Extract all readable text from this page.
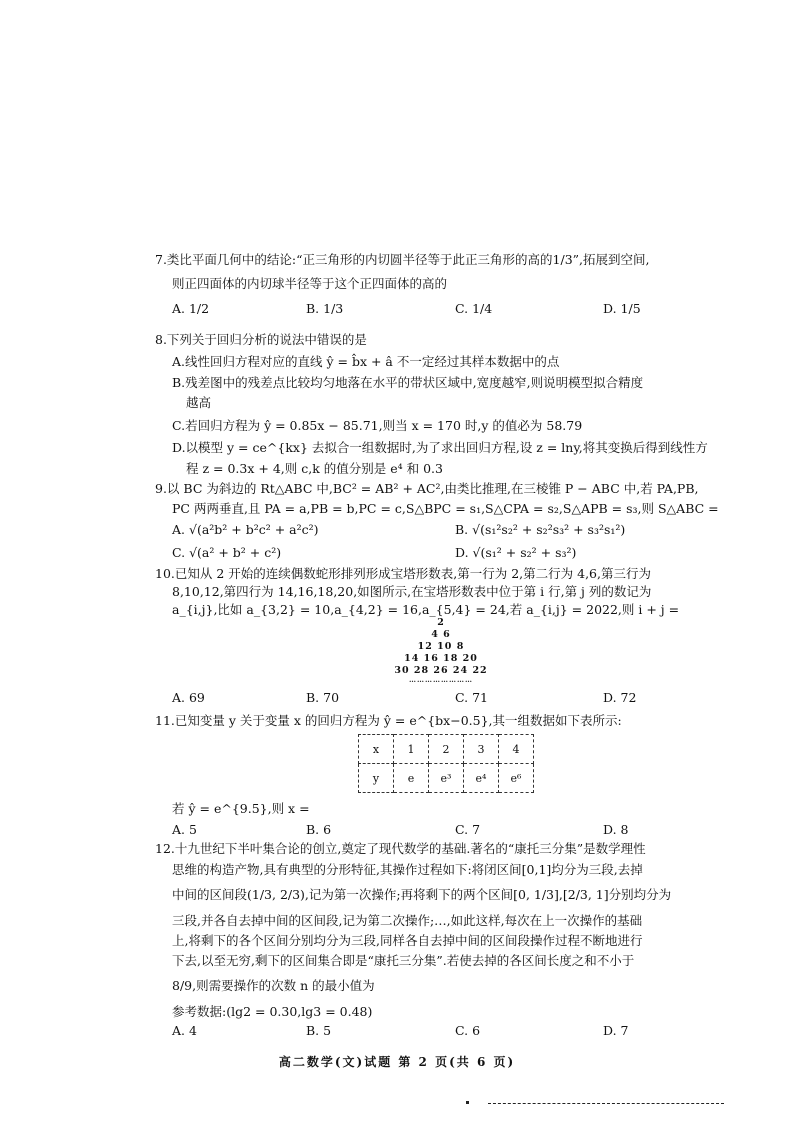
7.类比平面几何中的结论:“正三角形的内切圆半径等于此正三角形的高的1/3”,拓展到空间,
则正四面体的内切球半径等于这个正四面体的高的
A. 1/2	B. 1/3	C. 1/4	D. 1/5
8.下列关于回归分析的说法中错误的是
A.线性回归方程对应的直线 ŷ = b̂x + â 不一定经过其样本数据中的点
B.残差图中的残差点比较均匀地落在水平的带状区域中,宽度越窄,则说明模型拟合精度
越高
C.若回归方程为 ŷ = 0.85x − 85.71,则当 x = 170 时,y 的值必为 58.79
D.以模型 y = ce^{kx} 去拟合一组数据时,为了求出回归方程,设 z = lny,将其变换后得到线性方
程 z = 0.3x + 4,则 c,k 的值分别是 e⁴ 和 0.3
9.以 BC 为斜边的 Rt△ABC 中,BC² = AB² + AC²,由类比推理,在三棱锥 P − ABC 中,若 PA,PB,
PC 两两垂直,且 PA = a,PB = b,PC = c,S△BPC = s₁,S△CPA = s₂,S△APB = s₃,则 S△ABC =
A. √(a²b² + b²c² + a²c²)	B. √(s₁²s₂² + s₂²s₃² + s₃²s₁²)
C. √(a² + b² + c²)	D. √(s₁² + s₂² + s₃²)
10.已知从 2 开始的连续偶数蛇形排列形成宝塔形数表,第一行为 2,第二行为 4,6,第三行为
8,10,12,第四行为 14,16,18,20,如图所示,在宝塔形数表中位于第 i 行,第 j 列的数记为
a_{i,j},比如 a_{3,2} = 10,a_{4,2} = 16,a_{5,4} = 24,若 a_{i,j} = 2022,则 i + j =
2
4 6
12 10 8
14 16 18 20
30 28 26 24 22
……………………
A. 69	B. 70	C. 71	D. 72
11.已知变量 y 关于变量 x 的回归方程为 ŷ = e^{bx−0.5},其一组数据如下表所示:
x	1	2	3	4
y	e	e³	e⁴	e⁶
若 ŷ = e^{9.5},则 x =
A. 5	B. 6	C. 7	D. 8
12.十九世纪下半叶集合论的创立,奠定了现代数学的基础.著名的“康托三分集”是数学理性
思维的构造产物,具有典型的分形特征,其操作过程如下:将闭区间[0,1]均分为三段,去掉
中间的区间段(1/3, 2/3),记为第一次操作;再将剩下的两个区间[0, 1/3],[2/3, 1]分别均分为
三段,并各自去掉中间的区间段,记为第二次操作;…,如此这样,每次在上一次操作的基础
上,将剩下的各个区间分别均分为三段,同样各自去掉中间的区间段操作过程不断地进行
下去,以至无穷,剩下的区间集合即是“康托三分集”.若使去掉的各区间长度之和不小于
8/9,则需要操作的次数 n 的最小值为
参考数据:(lg2 = 0.30,lg3 = 0.48)
A. 4	B. 5	C. 6	D. 7
高二数学(文)试题 第 2 页(共 6 页)
